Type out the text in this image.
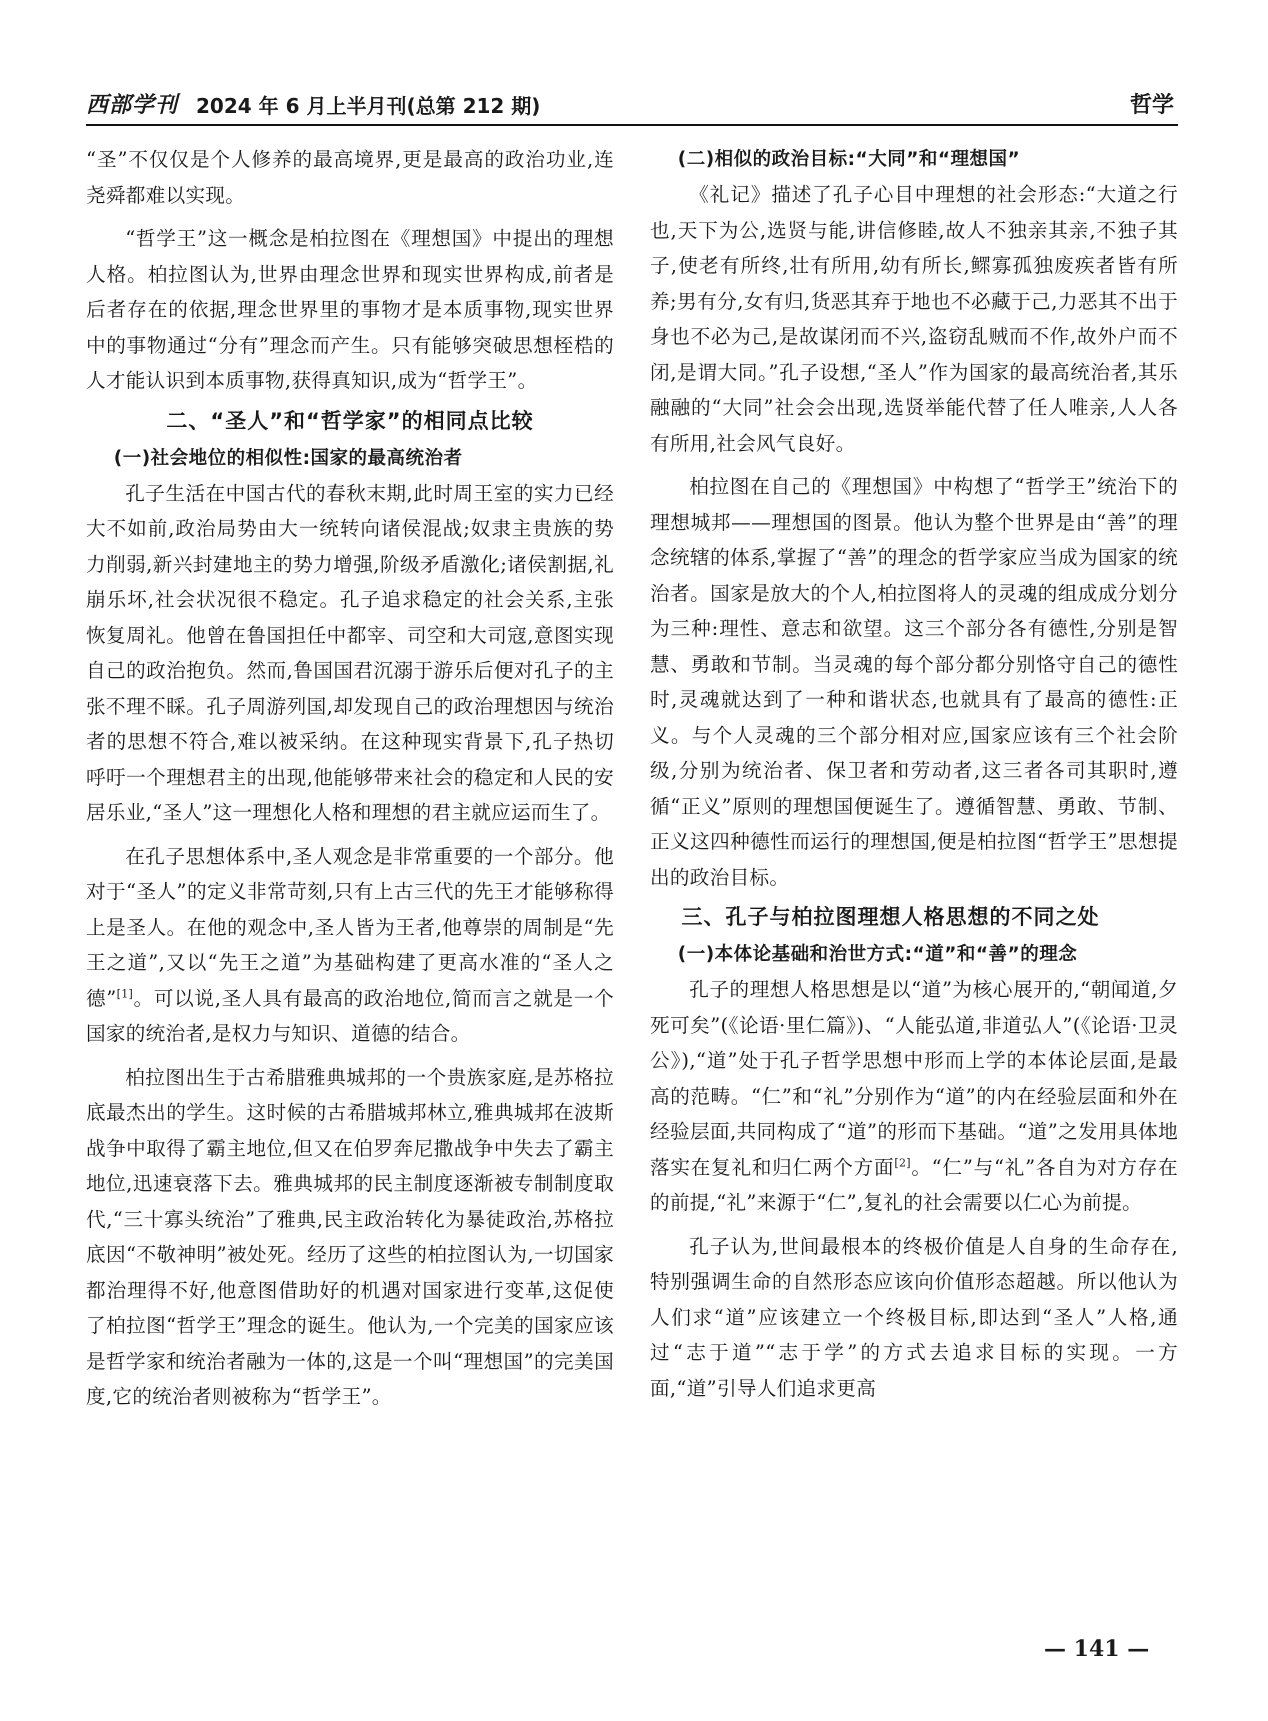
西部学刊 2024 年 6 月上半月刊(总第 212 期)	哲学

“圣”不仅仅是个人修养的最高境界,更是最高的政治功业,连尧舜都难以实现。

“哲学王”这一概念是柏拉图在《理想国》中提出的理想人格。柏拉图认为,世界由理念世界和现实世界构成,前者是后者存在的依据,理念世界里的事物才是本质事物,现实世界中的事物通过“分有”理念而产生。只有能够突破思想桎梏的人才能认识到本质事物,获得真知识,成为“哲学王”。

二、“圣人”和“哲学家”的相同点比较
(一)社会地位的相似性:国家的最高统治者

孔子生活在中国古代的春秋末期,此时周王室的实力已经大不如前,政治局势由大一统转向诸侯混战;奴隶主贵族的势力削弱,新兴封建地主的势力增强,阶级矛盾激化;诸侯割据,礼崩乐坏,社会状况很不稳定。孔子追求稳定的社会关系,主张恢复周礼。他曾在鲁国担任中都宰、司空和大司寇,意图实现自己的政治抱负。然而,鲁国国君沉溺于游乐后便对孔子的主张不理不睬。孔子周游列国,却发现自己的政治理想因与统治者的思想不符合,难以被采纳。在这种现实背景下,孔子热切呼吁一个理想君主的出现,他能够带来社会的稳定和人民的安居乐业,“圣人”这一理想化人格和理想的君主就应运而生了。

在孔子思想体系中,圣人观念是非常重要的一个部分。他对于“圣人”的定义非常苛刻,只有上古三代的先王才能够称得上是圣人。在他的观念中,圣人皆为王者,他尊崇的周制是“先王之道”,又以“先王之道”为基础构建了更高水准的“圣人之德”[1]。可以说,圣人具有最高的政治地位,简而言之就是一个国家的统治者,是权力与知识、道德的结合。

柏拉图出生于古希腊雅典城邦的一个贵族家庭,是苏格拉底最杰出的学生。这时候的古希腊城邦林立,雅典城邦在波斯战争中取得了霸主地位,但又在伯罗奔尼撒战争中失去了霸主地位,迅速衰落下去。雅典城邦的民主制度逐渐被专制制度取代,“三十寡头统治”了雅典,民主政治转化为暴徒政治,苏格拉底因“不敬神明”被处死。经历了这些的柏拉图认为,一切国家都治理得不好,他意图借助好的机遇对国家进行变革,这促使了柏拉图“哲学王”理念的诞生。他认为,一个完美的国家应该是哲学家和统治者融为一体的,这是一个叫“理想国”的完美国度,它的统治者则被称为“哲学王”。

(二)相似的政治目标:“大同”和“理想国”

《礼记》描述了孔子心目中理想的社会形态:“大道之行也,天下为公,选贤与能,讲信修睦,故人不独亲其亲,不独子其子,使老有所终,壮有所用,幼有所长,鳏寡孤独废疾者皆有所养;男有分,女有归,货恶其弃于地也不必藏于己,力恶其不出于身也不必为己,是故谋闭而不兴,盗窃乱贼而不作,故外户而不闭,是谓大同。”孔子设想,“圣人”作为国家的最高统治者,其乐融融的“大同”社会会出现,选贤举能代替了任人唯亲,人人各有所用,社会风气良好。

柏拉图在自己的《理想国》中构想了“哲学王”统治下的理想城邦——理想国的图景。他认为整个世界是由“善”的理念统辖的体系,掌握了“善”的理念的哲学家应当成为国家的统治者。国家是放大的个人,柏拉图将人的灵魂的组成成分划分为三种:理性、意志和欲望。这三个部分各有德性,分别是智慧、勇敢和节制。当灵魂的每个部分都分别恪守自己的德性时,灵魂就达到了一种和谐状态,也就具有了最高的德性:正义。与个人灵魂的三个部分相对应,国家应该有三个社会阶级,分别为统治者、保卫者和劳动者,这三者各司其职时,遵循“正义”原则的理想国便诞生了。遵循智慧、勇敢、节制、正义这四种德性而运行的理想国,便是柏拉图“哲学王”思想提出的政治目标。

三、孔子与柏拉图理想人格思想的不同之处
(一)本体论基础和治世方式:“道”和“善”的理念

孔子的理想人格思想是以“道”为核心展开的,“朝闻道,夕死可矣”(《论语·里仁篇》)、“人能弘道,非道弘人”(《论语·卫灵公》),“道”处于孔子哲学思想中形而上学的本体论层面,是最高的范畴。“仁”和“礼”分别作为“道”的内在经验层面和外在经验层面,共同构成了“道”的形而下基础。“道”之发用具体地落实在复礼和归仁两个方面[2]。“仁”与“礼”各自为对方存在的前提,“礼”来源于“仁”,复礼的社会需要以仁心为前提。

孔子认为,世间最根本的终极价值是人自身的生命存在,特别强调生命的自然形态应该向价值形态超越。所以他认为人们求“道”应该建立一个终极目标,即达到“圣人”人格,通过“志于道”“志于学”的方式去追求目标的实现。一方面,“道”引导人们追求更高

— 141 —
